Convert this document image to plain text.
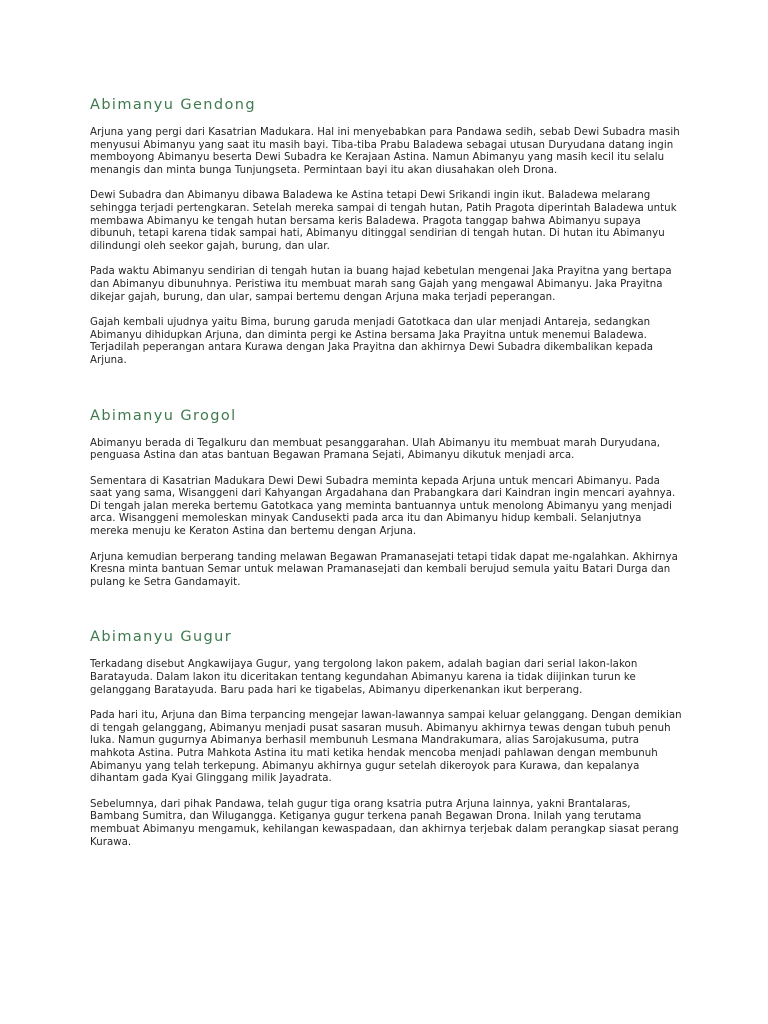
Abimanyu Gendong

Arjuna yang pergi dari Kasatrian Madukara. Hal ini menyebabkan para Pandawa sedih, sebab Dewi Subadra masih menyusui Abimanyu yang saat itu masih bayi. Tiba-tiba Prabu Baladewa sebagai utusan Duryudana datang ingin memboyong Abimanyu beserta Dewi Subadra ke Kerajaan Astina. Namun Abimanyu yang masih kecil itu selalu menangis dan minta bunga Tunjungseta. Permintaan bayi itu akan diusahakan oleh Drona.

Dewi Subadra dan Abimanyu dibawa Baladewa ke Astina tetapi Dewi Srikandi ingin ikut. Baladewa melarang sehingga terjadi pertengkaran. Setelah mereka sampai di tengah hutan, Patih Pragota diperintah Baladewa untuk membawa Abimanyu ke tengah hutan bersama keris Baladewa. Pragota tanggap bahwa Abimanyu supaya dibunuh, tetapi karena tidak sampai hati, Abimanyu ditinggal sendirian di tengah hutan. Di hutan itu Abimanyu dilindungi oleh seekor gajah, burung, dan ular.

Pada waktu Abimanyu sendirian di tengah hutan ia buang hajad kebetulan mengenai Jaka Prayitna yang bertapa dan Abimanyu dibunuhnya. Peristiwa itu membuat marah sang Gajah yang mengawal Abimanyu. Jaka Prayitna dikejar gajah, burung, dan ular, sampai bertemu dengan Arjuna maka terjadi peperangan.

Gajah kembali ujudnya yaitu Bima, burung garuda menjadi Gatotkaca dan ular menjadi Antareja, sedangkan Abimanyu dihidupkan Arjuna, dan diminta pergi ke Astina bersama Jaka Prayitna untuk menemui Baladewa. Terjadilah peperangan antara Kurawa dengan Jaka Prayitna dan akhirnya Dewi Subadra dikembalikan kepada Arjuna.

Abimanyu Grogol

Abimanyu berada di Tegalkuru dan membuat pesanggarahan. Ulah Abimanyu itu membuat marah Duryudana, penguasa Astina dan atas bantuan Begawan Pramana Sejati, Abimanyu dikutuk menjadi arca.

Sementara di Kasatrian Madukara Dewi Dewi Subadra meminta kepada Arjuna untuk mencari Abimanyu. Pada saat yang sama, Wisanggeni dari Kahyangan Argadahana dan Prabangkara dari Kaindran ingin mencari ayahnya. Di tengah jalan mereka bertemu Gatotkaca yang meminta bantuannya untuk menolong Abimanyu yang menjadi arca. Wisanggeni memoleskan minyak Candusekti pada arca itu dan Abimanyu hidup kembali. Selanjutnya mereka menuju ke Keraton Astina dan bertemu dengan Arjuna.

Arjuna kemudian berperang tanding melawan Begawan Pramanasejati tetapi tidak dapat me-ngalahkan. Akhirnya Kresna minta bantuan Semar untuk melawan Pramanasejati dan kembali berujud semula yaitu Batari Durga dan pulang ke Setra Gandamayit.

Abimanyu Gugur

Terkadang disebut Angkawijaya Gugur, yang tergolong lakon pakem, adalah bagian dari serial lakon-lakon Baratayuda. Dalam lakon itu diceritakan tentang kegundahan Abimanyu karena ia tidak diijinkan turun ke gelanggang Baratayuda. Baru pada hari ke tigabelas, Abimanyu diperkenankan ikut berperang.

Pada hari itu, Arjuna dan Bima terpancing mengejar lawan-lawannya sampai keluar gelanggang. Dengan demikian di tengah gelanggang, Abimanyu menjadi pusat sasaran musuh. Abimanyu akhirnya tewas dengan tubuh penuh luka. Namun gugurnya Abimanya berhasil membunuh Lesmana Mandrakumara, alias Sarojakusuma, putra mahkota Astina. Putra Mahkota Astina itu mati ketika hendak mencoba menjadi pahlawan dengan membunuh Abimanyu yang telah terkepung. Abimanyu akhirnya gugur setelah dikeroyok para Kurawa, dan kepalanya dihantam gada Kyai Glinggang milik Jayadrata.

Sebelumnya, dari pihak Pandawa, telah gugur tiga orang ksatria putra Arjuna lainnya, yakni Brantalaras, Bambang Sumitra, dan Wilugangga. Ketiganya gugur terkena panah Begawan Drona. Inilah yang terutama membuat Abimanyu mengamuk, kehilangan kewaspadaan, dan akhirnya terjebak dalam perangkap siasat perang Kurawa.
